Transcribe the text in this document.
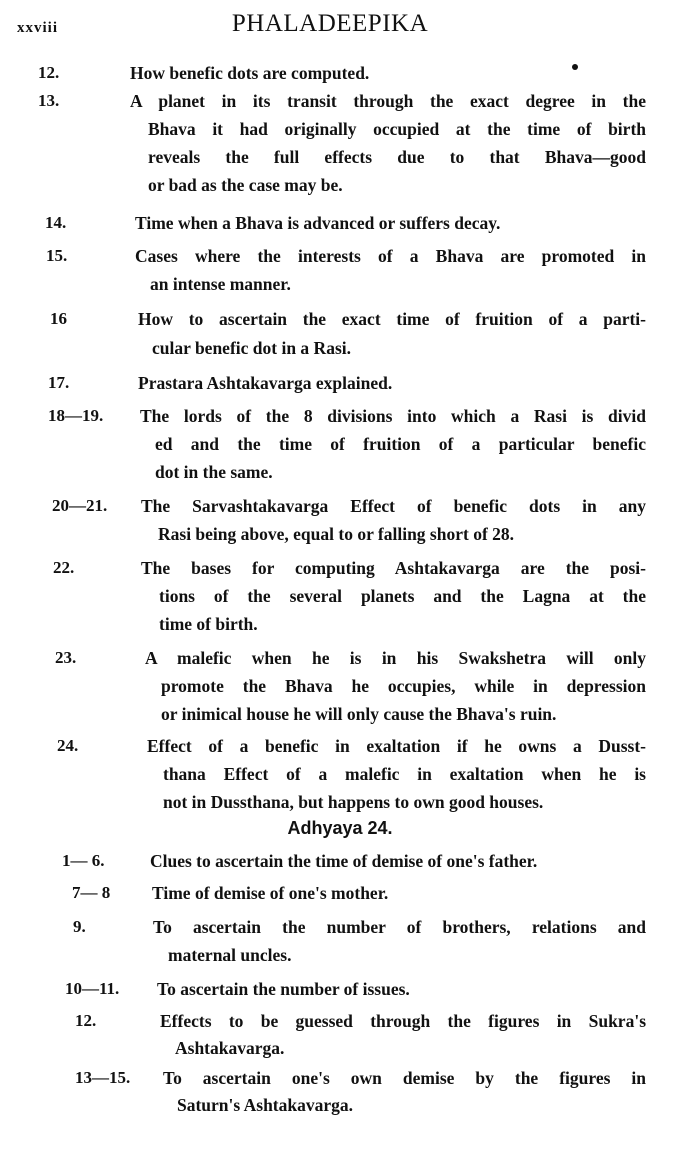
xxviii	PHALADEEPIKA
12.	How benefic dots are computed.
13.	A planet in its transit through the exact degree in the
Bhava it had originally occupied at the time of birth
reveals the full effects due to that Bhava—good
or bad as the case may be.
14.	Time when a Bhava is advanced or suffers decay.
15.	Cases where the interests of a Bhava are promoted in
an intense manner.
16	How to ascertain the exact time of fruition of a parti-
cular benefic dot in a Rasi.
17.	Prastara Ashtakavarga explained.
18—19. The lords of the 8 divisions into which a Rasi is divid
ed and the time of fruition of a particular benefic
dot in the same.
20—21. The Sarvashtakavarga Effect of benefic dots in any
Rasi being above, equal to or falling short of 28.
22.	The bases for computing Ashtakavarga are the posi-
tions of the several planets and the Lagna at the
time of birth.
23.	A malefic when he is in his Swakshetra will only
promote the Bhava he occupies, while in depression
or inimical house he will only cause the Bhava's ruin.
24.	Effect of a benefic in exaltation if he owns a Dusst-
thana Effect of a malefic in exaltation when he is
not in Dussthana, but happens to own good houses.
1— 6.	Clues to ascertain the time of demise of one's father.
7— 8 Time of demise of one's mother.
9.	To ascertain the number of brothers, relations and
maternal uncles.
10—11. To ascertain the number of issues.
12.	Effects to be guessed through the figures in Sukra's
Ashtakavarga.
13—15. To ascertain one's own demise by the figures in
Saturn's Ashtakavarga.
Adhyaya 24.
